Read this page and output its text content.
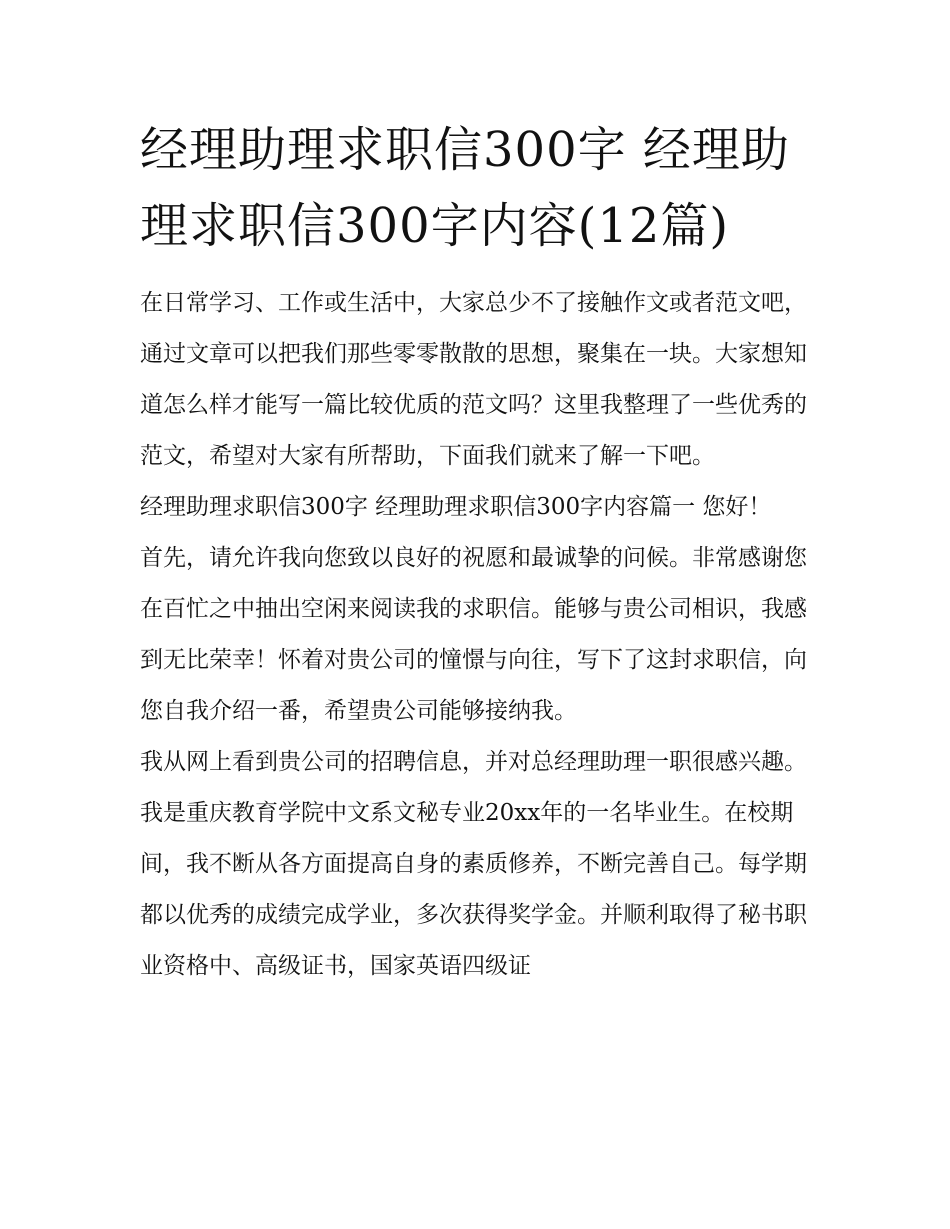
经理助理求职信300字 经理助
理求职信300字内容(12篇)

在日常学习、工作或生活中，大家总少不了接触作文或者范文吧，通过文章可以把我们那些零零散散的思想，聚集在一块。大家想知道怎么样才能写一篇比较优质的范文吗？这里我整理了一些优秀的范文，希望对大家有所帮助，下面我们就来了解一下吧。

经理助理求职信300字 经理助理求职信300字内容篇一 您好！

首先，请允许我向您致以良好的祝愿和最诚挚的问候。非常感谢您在百忙之中抽出空闲来阅读我的求职信。能够与贵公司相识，我感到无比荣幸！怀着对贵公司的憧憬与向往，写下了这封求职信，向您自我介绍一番，希望贵公司能够接纳我。

我从网上看到贵公司的招聘信息，并对总经理助理一职很感兴趣。我是重庆教育学院中文系文秘专业20xx年的一名毕业生。在校期间，我不断从各方面提高自身的素质修养，不断完善自己。每学期都以优秀的成绩完成学业，多次获得奖学金。并顺利取得了秘书职业资格中、高级证书，国家英语四级证
